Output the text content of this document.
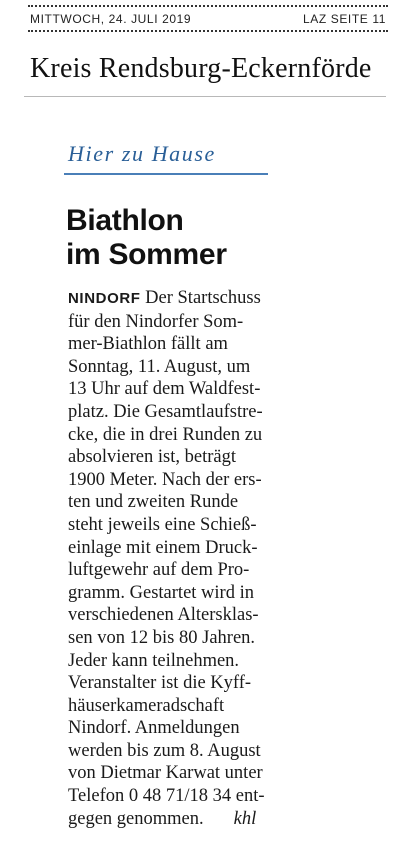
MITTWOCH, 24. JULI 2019	LAZ SEITE 11
Kreis Rendsburg-Eckernförde
Hier zu Hause
Biathlon
im Sommer
NINDORF Der Startschuss
für den Nindorfer Som-
mer-Biathlon fällt am
Sonntag, 11. August, um
13 Uhr auf dem Waldfest-
platz. Die Gesamtlaufstre-
cke, die in drei Runden zu
absolvieren ist, beträgt
1900 Meter. Nach der ers-
ten und zweiten Runde
steht jeweils eine Schieß-
einlage mit einem Druck-
luftgewehr auf dem Pro-
gramm. Gestartet wird in
verschiedenen Altersklas-
sen von 12 bis 80 Jahren.
Jeder kann teilnehmen.
Veranstalter ist die Kyff-
häuserkameradschaft
Nindorf. Anmeldungen
werden bis zum 8. August
von Dietmar Karwat unter
Telefon 0 48 71/18 34 ent-
gegen genommen. khl
